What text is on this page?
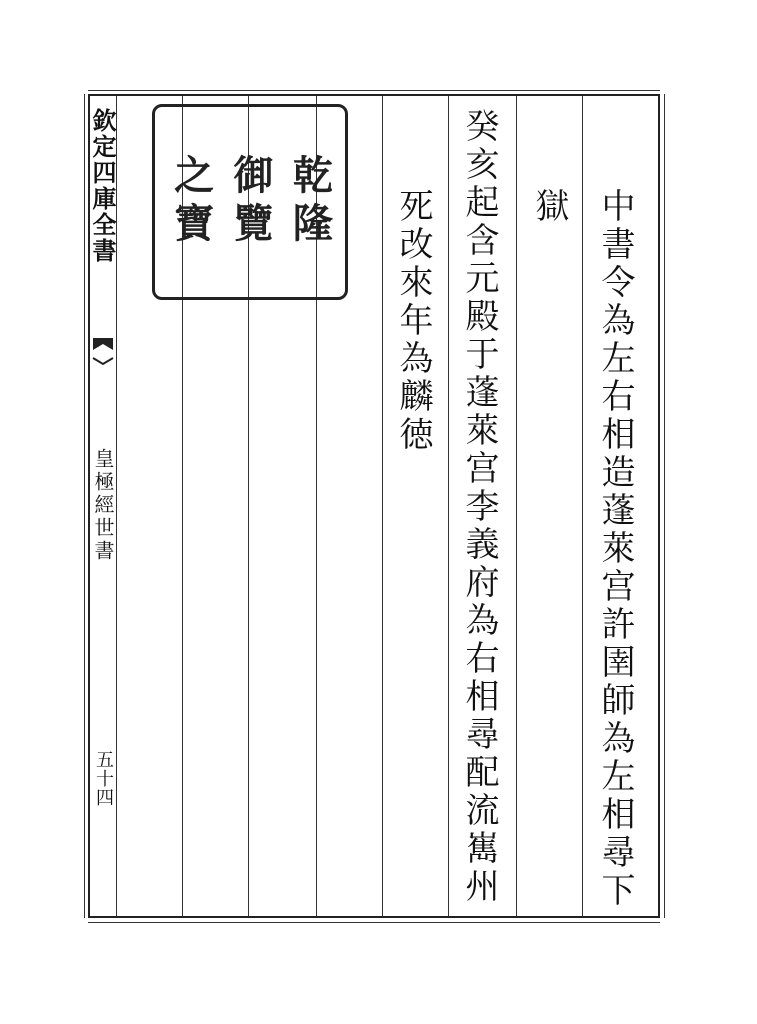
欽定四庫全書
皇極經世書
五十四
乾隆
御覽
之寶	中書令為左右相造蓬萊宫許圉師為左相尋下
獄
癸亥起含元殿于蓬萊宫李義府為右相尋配流嶲州
死改來年為麟徳
